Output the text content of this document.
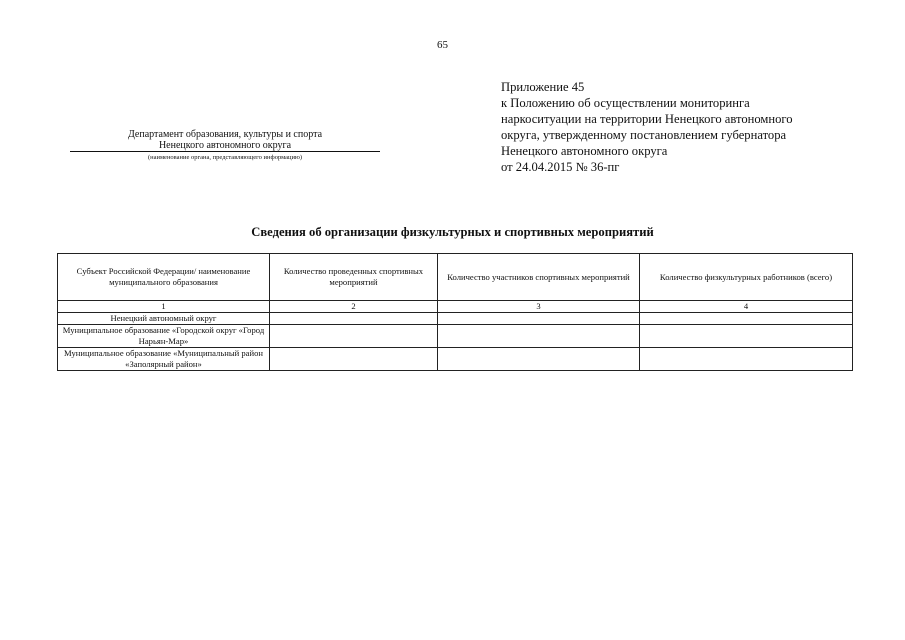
65
Приложение 45
к Положению об осуществлении мониторинга
наркоситуации на территории Ненецкого автономного
округа, утвержденному постановлением губернатора
Ненецкого автономного округа
от 24.04.2015 № 36-пг
Департамент образования, культуры и спорта
Ненецкого автономного округа
(наименование органа, представляющего информацию)
Сведения об организации физкультурных и спортивных мероприятий
Субъект Российской Федерации/ наименование муниципального образования	Количество проведенных спортивных мероприятий	Количество участников спортивных мероприятий	Количество физкультурных работников (всего)

1	2	3	4
Ненецкий автономный округ			
Муниципальное образование «Городской округ «Город Нарьян-Мар»			
Муниципальное образование «Муниципальный район «Заполярный район»			
